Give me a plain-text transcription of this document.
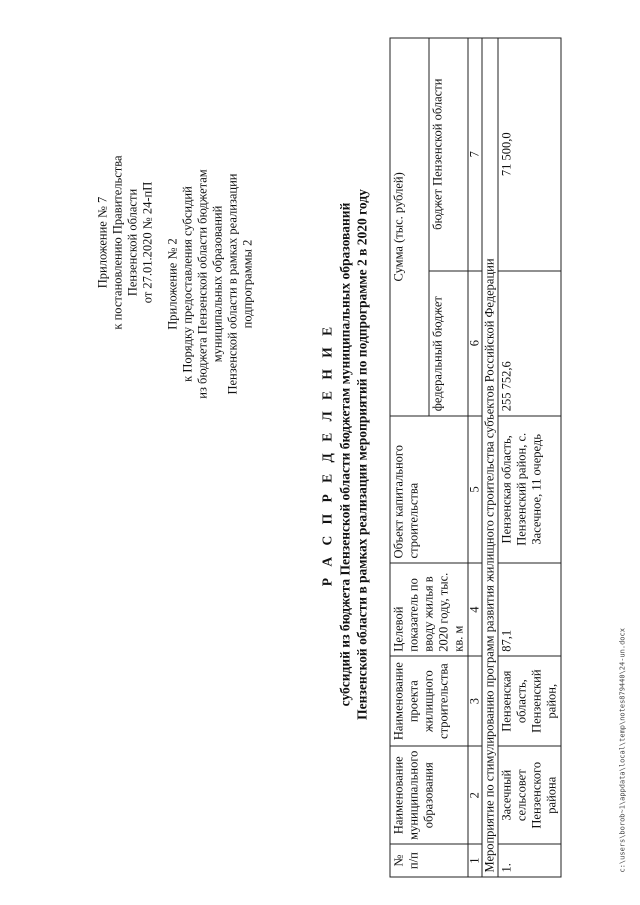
Приложение № 7 к постановлению Правительства Пензенской области от 27.01.2020 № 24-пП Приложение № 2 к Порядку предоставления субсидий из бюджета Пензенской области бюджетам муниципальных образований Пензенской области в рамках реализации подпрограммы 2
Р А С П Р Е Д Е Л Е Н И Е субсидий из бюджета Пензенской области бюджетам муниципальных образований Пензенской области в рамках реализации мероприятий по подпрограмме 2 в 2020 году
№ п/п	Наименование муниципального образования	Наименование проекта жилищного строительства	Целевой показатель по вводу жилья в 2020 году, тыс. кв. м	Объект капитального строительства	Сумма (тыс. рублей)	
					федеральный бюджет	бюджет Пензенской области
1	2	3	4	5	6	7
Мероприятие по стимулированию программ развития жилищного строительства субъектов Российской Федерации						
1.	Засечный сельсовет Пензенского района	Пензенская область, Пензенский район,	87,1	Пензенская область, Пензенский район, с. Засечное, 11 очередь	255 752,6	71 500,0
c:\users\borob~1\appdata\local\temp\notes879440\24-un.docx
